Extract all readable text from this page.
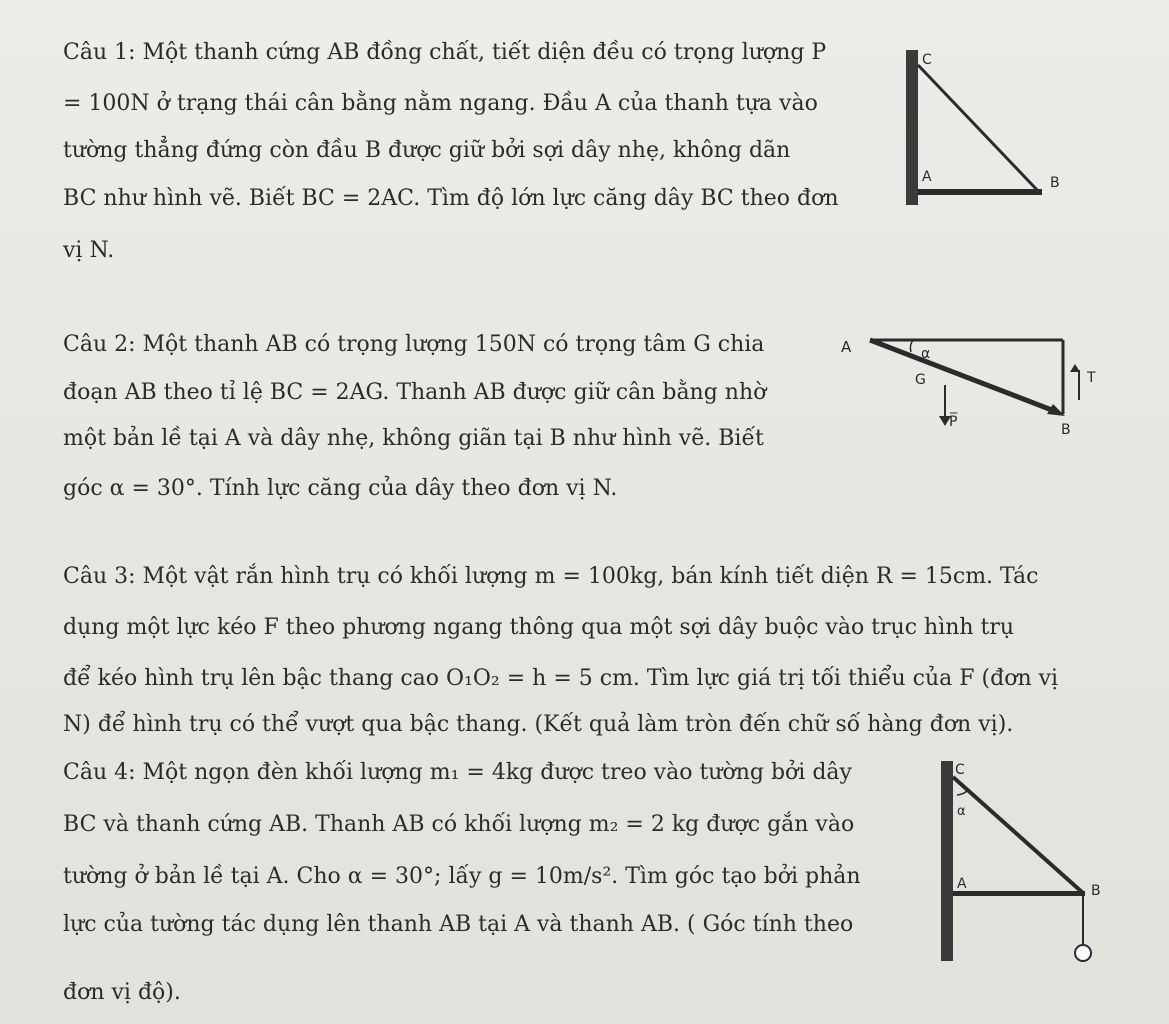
Câu 1: Một thanh cứng AB đồng chất, tiết diện đều có trọng lượng P
= 100N ở trạng thái cân bằng nằm ngang. Đầu A của thanh tựa vào
tường thẳng đứng còn đầu B được giữ bởi sợi dây nhẹ, không dãn
BC như hình vẽ. Biết BC = 2AC. Tìm độ lớn lực căng dây BC theo đơn
vị N.
C
A	B
Câu 2: Một thanh AB có trọng lượng 150N có trọng tâm G chia
đoạn AB theo tỉ lệ BC = 2AG. Thanh AB được giữ cân bằng nhờ
một bản lề tại A và dây nhẹ, không giãn tại B như hình vẽ. Biết
góc α = 30°. Tính lực căng của dây theo đơn vị N.
A	α
G	T
P̅	B
Câu 3: Một vật rắn hình trụ có khối lượng m = 100kg, bán kính tiết diện R = 15cm. Tác
dụng một lực kéo F theo phương ngang thông qua một sợi dây buộc vào trục hình trụ
để kéo hình trụ lên bậc thang cao O₁O₂ = h = 5 cm. Tìm lực giá trị tối thiểu của F (đơn vị
N) để hình trụ có thể vượt qua bậc thang. (Kết quả làm tròn đến chữ số hàng đơn vị).
Câu 4: Một ngọn đèn khối lượng m₁ = 4kg được treo vào tường bởi dây
BC và thanh cứng AB. Thanh AB có khối lượng m₂ = 2 kg được gắn vào
tường ở bản lề tại A. Cho α = 30°; lấy g = 10m/s². Tìm góc tạo bởi phản
lực của tường tác dụng lên thanh AB tại A và thanh AB. ( Góc tính theo
đơn vị độ).
C
α
A	B
